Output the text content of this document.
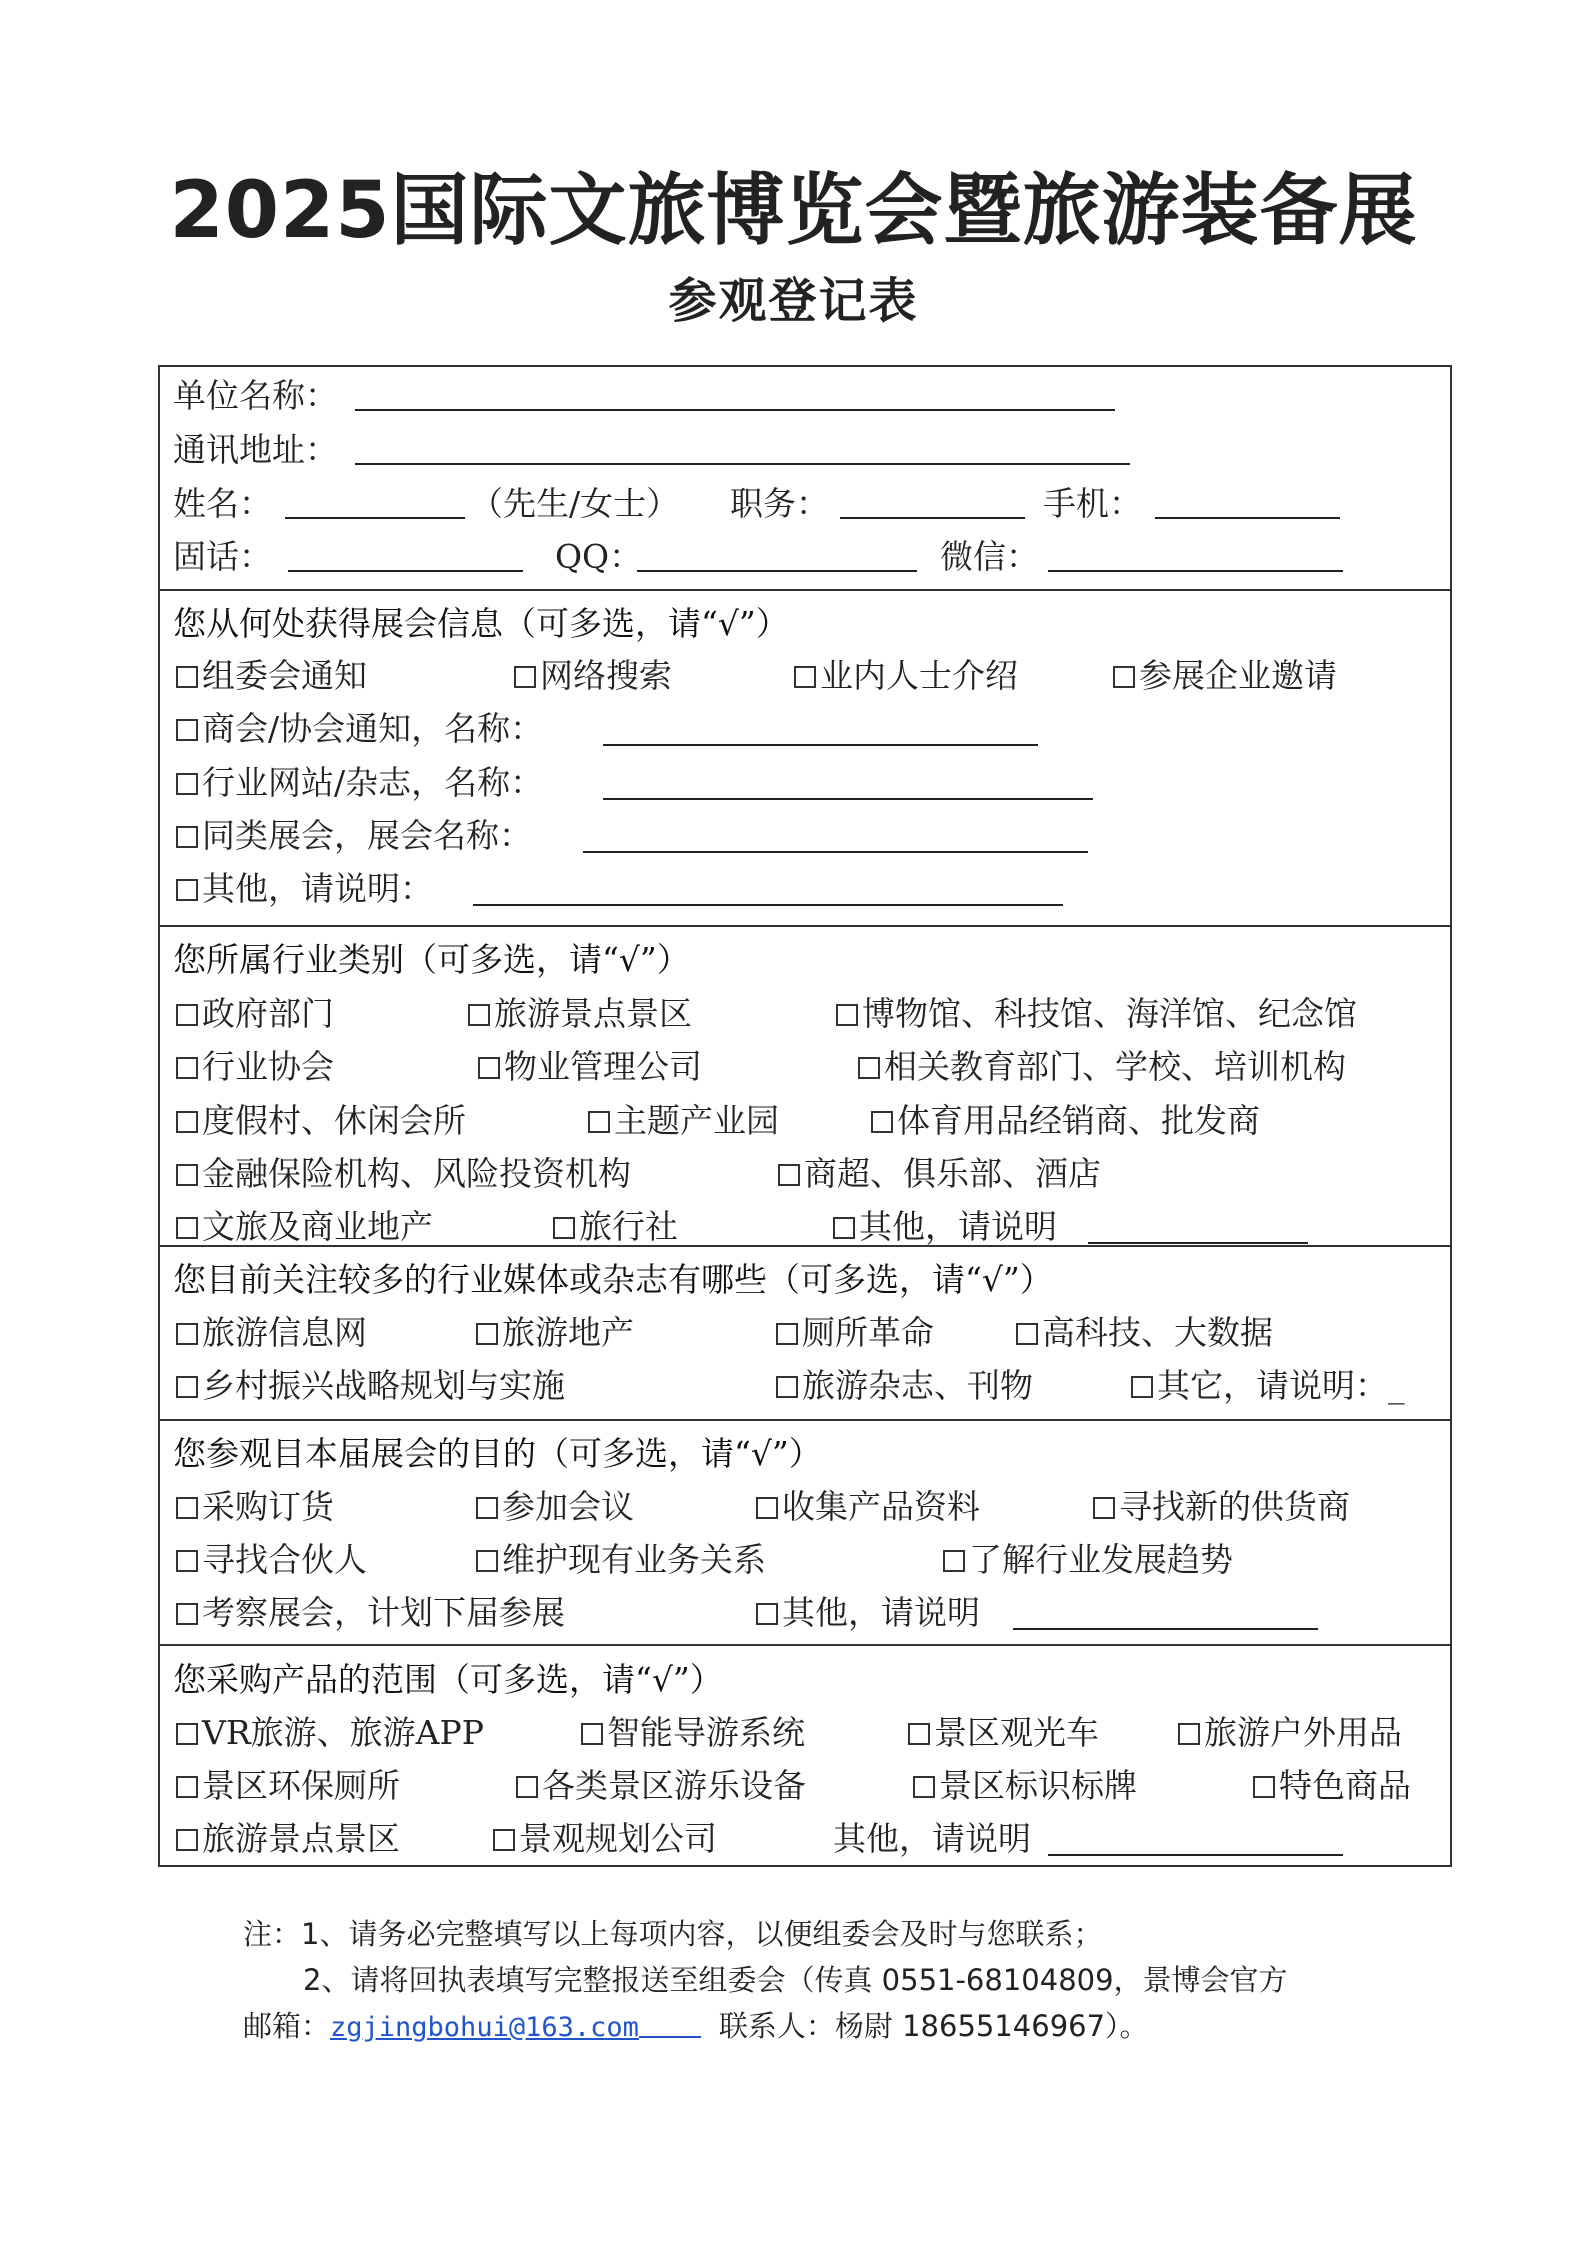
2025国际文旅博览会暨旅游装备展
参观登记表
单位名称：
通讯地址：
姓名：	（先生/女士） 职务：	手机：
固话：	QQ：	微信：
您从何处获得展会信息（可多选，请“√”）
组委会通知	网络搜索	业内人士介绍	参展企业邀请
商会/协会通知，名称：
行业网站/杂志，名称：
同类展会，展会名称：
其他，请说明：
您所属行业类别（可多选，请“√”）
政府部门	旅游景点景区	博物馆、科技馆、海洋馆、纪念馆
行业协会	物业管理公司	相关教育部门、学校、培训机构
度假村、休闲会所	主题产业园	体育用品经销商、批发商
金融保险机构、风险投资机构	商超、俱乐部、酒店
文旅及商业地产	旅行社	其他，请说明
您目前关注较多的行业媒体或杂志有哪些（可多选，请“√”）
旅游信息网	旅游地产	厕所革命	高科技、大数据
乡村振兴战略规划与实施	旅游杂志、刊物	其它，请说明：_
您参观目本届展会的目的（可多选，请“√”）
采购订货	参加会议	收集产品资料	寻找新的供货商
寻找合伙人	维护现有业务关系	了解行业发展趋势
考察展会，计划下届参展	其他，请说明
您采购产品的范围（可多选，请“√”）
VR旅游、旅游APP	智能导游系统	景区观光车	旅游户外用品
景区环保厕所	各类景区游乐设备	景区标识标牌	特色商品
旅游景点景区	景观规划公司	其他，请说明
注：1、请务必完整填写以上每项内容，以便组委会及时与您联系；
2、请将回执表填写完整报送至组委会（传真 0551-68104809，景博会官方
邮箱：zgjingbohui@163.com	联系人：杨尉 18655146967）。
